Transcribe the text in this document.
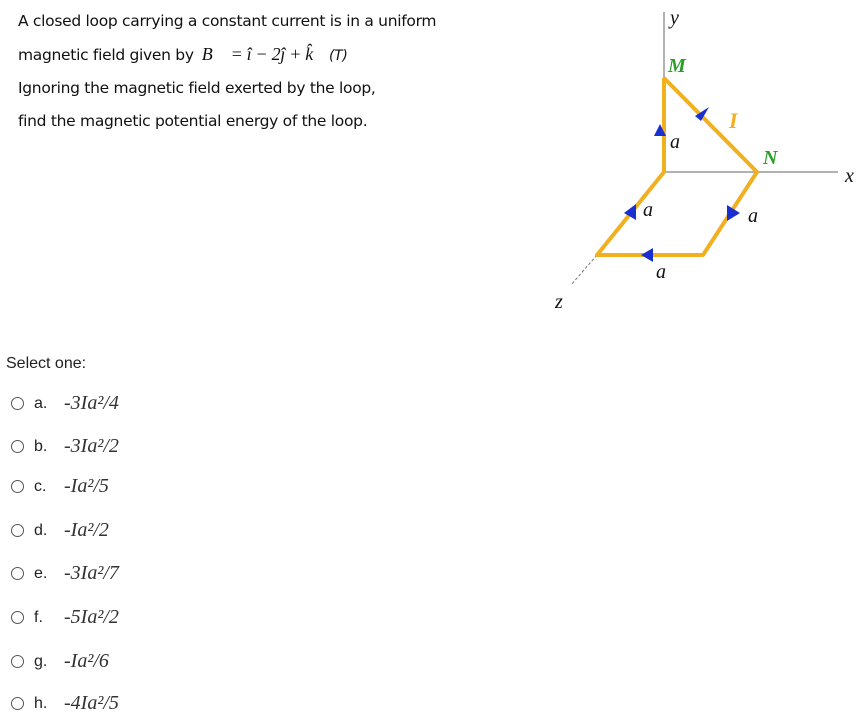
A closed loop carrying a constant current is in a uniform
magnetic field given by B⃗ = î − 2ĵ + k̂ (T)
Ignoring the magnetic field exerted by the loop,
find the magnetic potential energy of the loop.
y
x
z
a
a	a
a
M
N
I
Select one:
a. -3Ia²/4
b. -3Ia²/2
c. -Ia²/5
d. -Ia²/2
e. -3Ia²/7
f.	-5Ia²/2
g. -Ia²/6
h. -4Ia²/5
